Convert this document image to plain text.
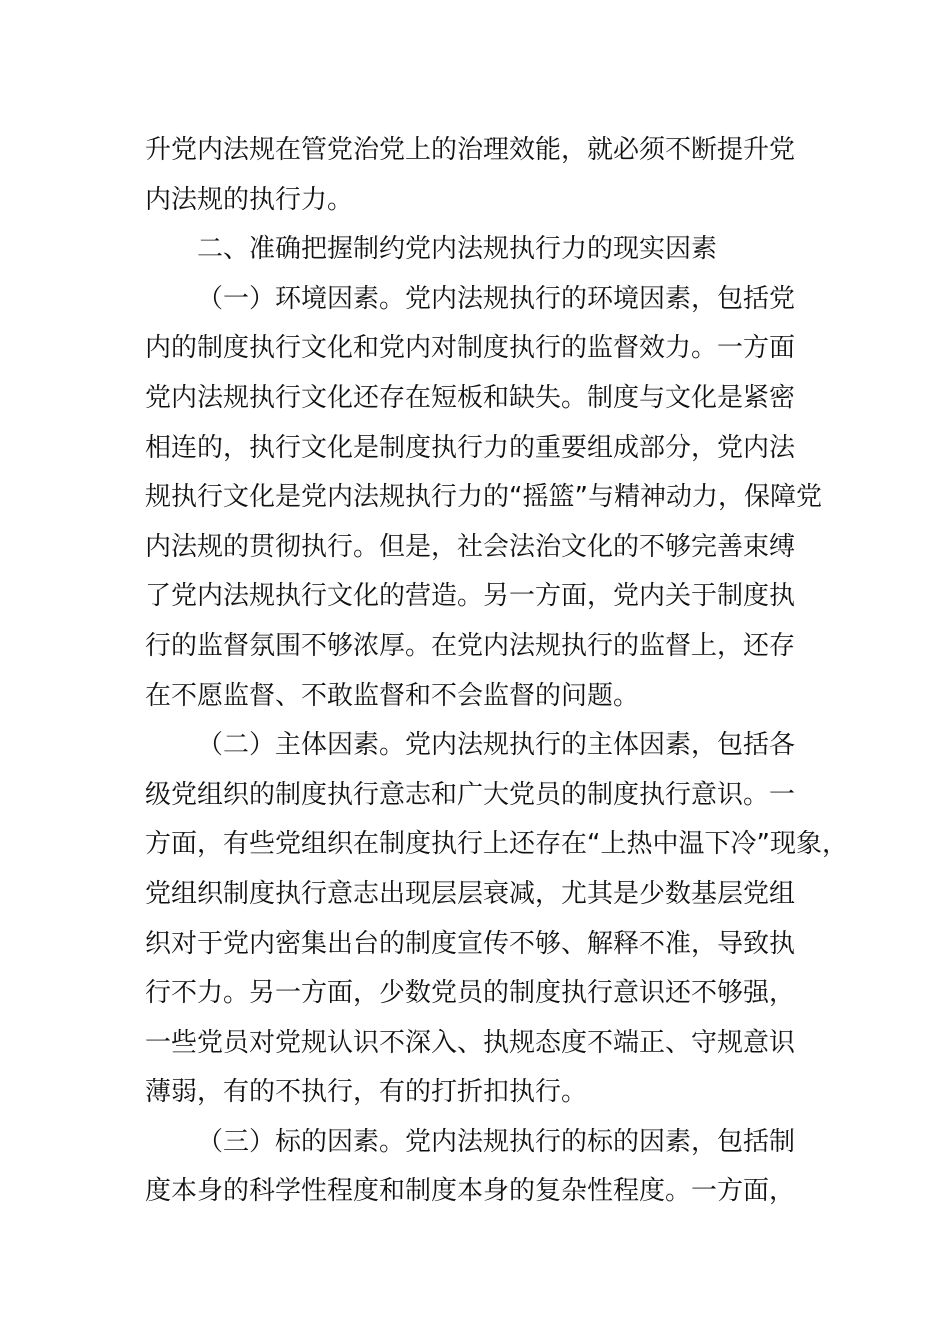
升党内法规在管党治党上的治理效能，就必须不断提升党
内法规的执行力。
二、准确把握制约党内法规执行力的现实因素
（一）环境因素。党内法规执行的环境因素，包括党
内的制度执行文化和党内对制度执行的监督效力。一方面
党内法规执行文化还存在短板和缺失。制度与文化是紧密
相连的，执行文化是制度执行力的重要组成部分，党内法
规执行文化是党内法规执行力的“摇篮”与精神动力，保障党
内法规的贯彻执行。但是，社会法治文化的不够完善束缚
了党内法规执行文化的营造。另一方面，党内关于制度执
行的监督氛围不够浓厚。在党内法规执行的监督上，还存
在不愿监督、不敢监督和不会监督的问题。
（二）主体因素。党内法规执行的主体因素，包括各
级党组织的制度执行意志和广大党员的制度执行意识。一
方面，有些党组织在制度执行上还存在“上热中温下冷”现象，
党组织制度执行意志出现层层衰减，尤其是少数基层党组
织对于党内密集出台的制度宣传不够、解释不准，导致执
行不力。另一方面，少数党员的制度执行意识还不够强，
一些党员对党规认识不深入、执规态度不端正、守规意识
薄弱，有的不执行，有的打折扣执行。
（三）标的因素。党内法规执行的标的因素，包括制
度本身的科学性程度和制度本身的复杂性程度。一方面，
